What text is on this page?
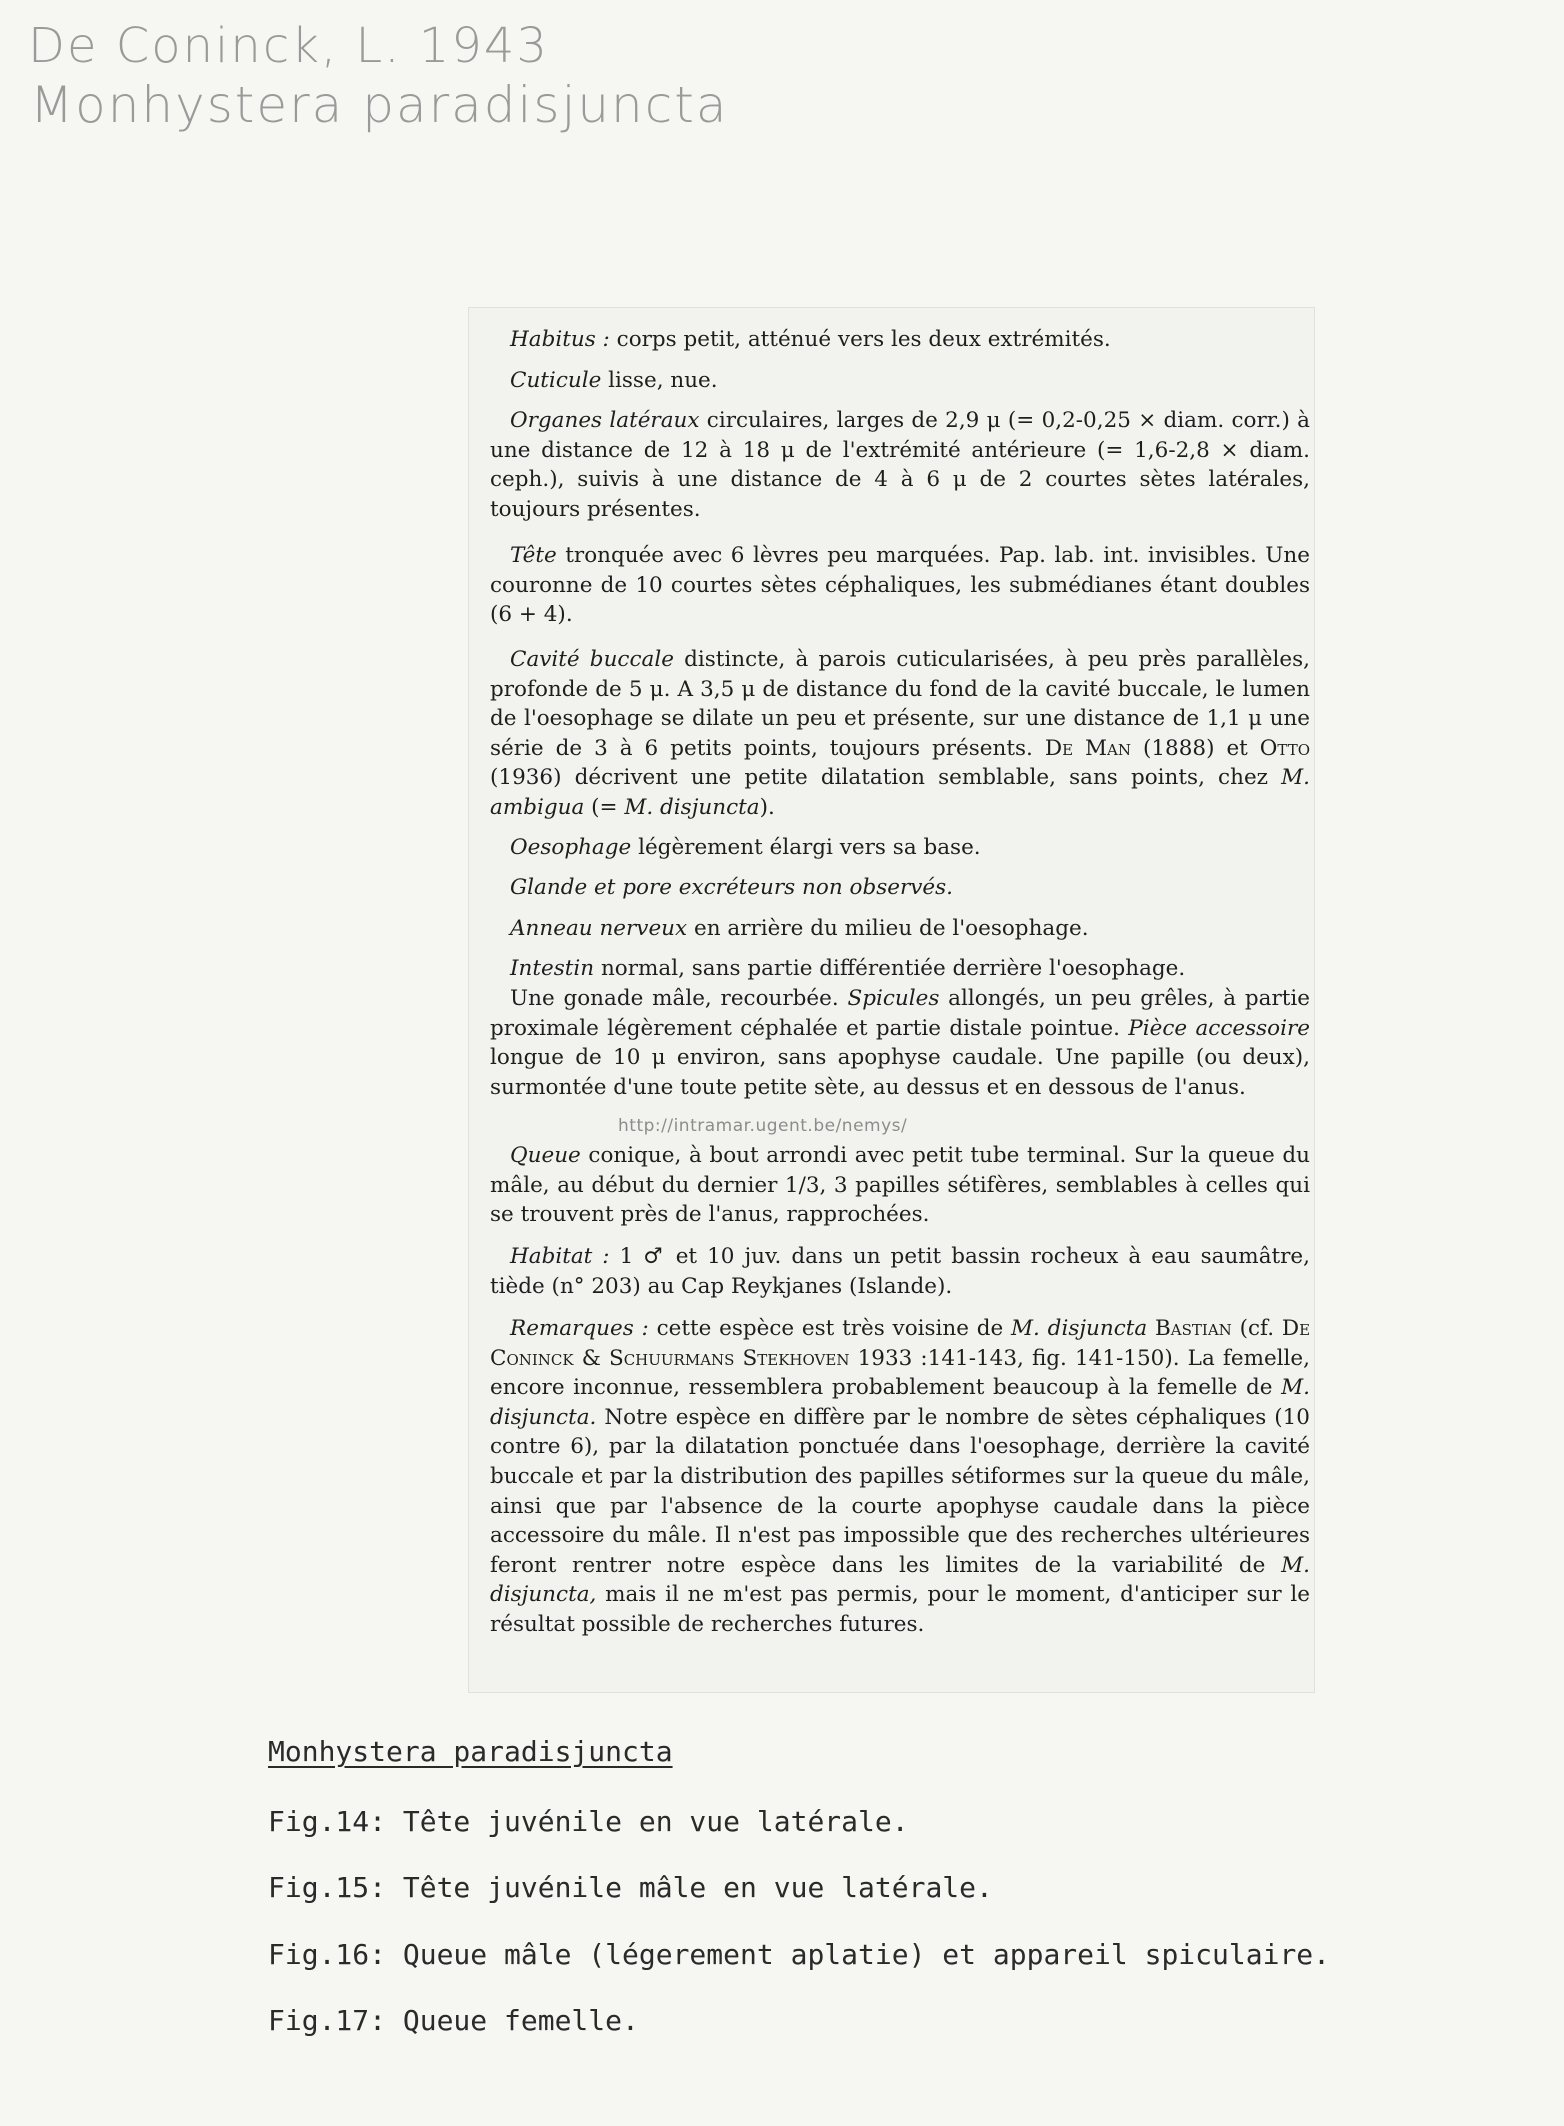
De Coninck, L. 1943
Monhystera paradisjuncta

Habitus : corps petit, atténué vers les deux extrémités.

Cuticule lisse, nue.

Organes latéraux circulaires, larges de 2,9 μ (= 0,2-0,25 × diam. corr.) à une distance de 12 à 18 μ de l'extrémité antérieure (= 1,6-2,8 × diam. ceph.), suivis à une distance de 4 à 6 μ de 2 courtes sètes latérales, toujours présentes.

Tête tronquée avec 6 lèvres peu marquées. Pap. lab. int. invisibles. Une couronne de 10 courtes sètes céphaliques, les submédianes étant doubles (6 + 4).

Cavité buccale distincte, à parois cuticularisées, à peu près parallèles, profonde de 5 μ. A 3,5 μ de distance du fond de la cavité buccale, le lumen de l'oesophage se dilate un peu et présente, sur une distance de 1,1 μ une série de 3 à 6 petits points, toujours présents. De Man (1888) et Otto (1936) décrivent une petite dilatation semblable, sans points, chez M. ambigua (= M. disjuncta).

Oesophage légèrement élargi vers sa base.

Glande et pore excréteurs non observés.

Anneau nerveux en arrière du milieu de l'oesophage.

Intestin normal, sans partie différentiée derrière l'oesophage.

Une gonade mâle, recourbée. Spicules allongés, un peu grêles, à partie proximale légèrement céphalée et partie distale pointue. Pièce accessoire longue de 10 μ environ, sans apophyse caudale. Une papille (ou deux), surmontée d'une toute petite sète, au dessus et en dessous de l'anus.

Queue conique, à bout arrondi avec petit tube terminal. Sur la queue du mâle, au début du dernier 1/3, 3 papilles sétifères, semblables à celles qui se trouvent près de l'anus, rapprochées.

Habitat : 1 ♂ et 10 juv. dans un petit bassin rocheux à eau saumâtre, tiède (n° 203) au Cap Reykjanes (Islande).

Remarques : cette espèce est très voisine de M. disjuncta Bastian (cf. De Coninck & Schuurmans Stekhoven 1933 :141-143, fig. 141-150). La femelle, encore inconnue, ressemblera probablement beaucoup à la femelle de M. disjuncta. Notre espèce en diffère par le nombre de sètes céphaliques (10 contre 6), par la dilatation ponctuée dans l'oesophage, derrière la cavité buccale et par la distribution des papilles sétiformes sur la queue du mâle, ainsi que par l'absence de la courte apophyse caudale dans la pièce accessoire du mâle. Il n'est pas impossible que des recherches ultérieures feront rentrer notre espèce dans les limites de la variabilité de M. disjuncta, mais il ne m'est pas permis, pour le moment, d'anticiper sur le résultat possible de recherches futures.

http://intramar.ugent.be/nemys/
Monhystera paradisjuncta
Fig.14: Tête juvénile en vue latérale.
Fig.15: Tête juvénile mâle en vue latérale.
Fig.16: Queue mâle (légerement aplatie) et appareil spiculaire.
Fig.17: Queue femelle.
